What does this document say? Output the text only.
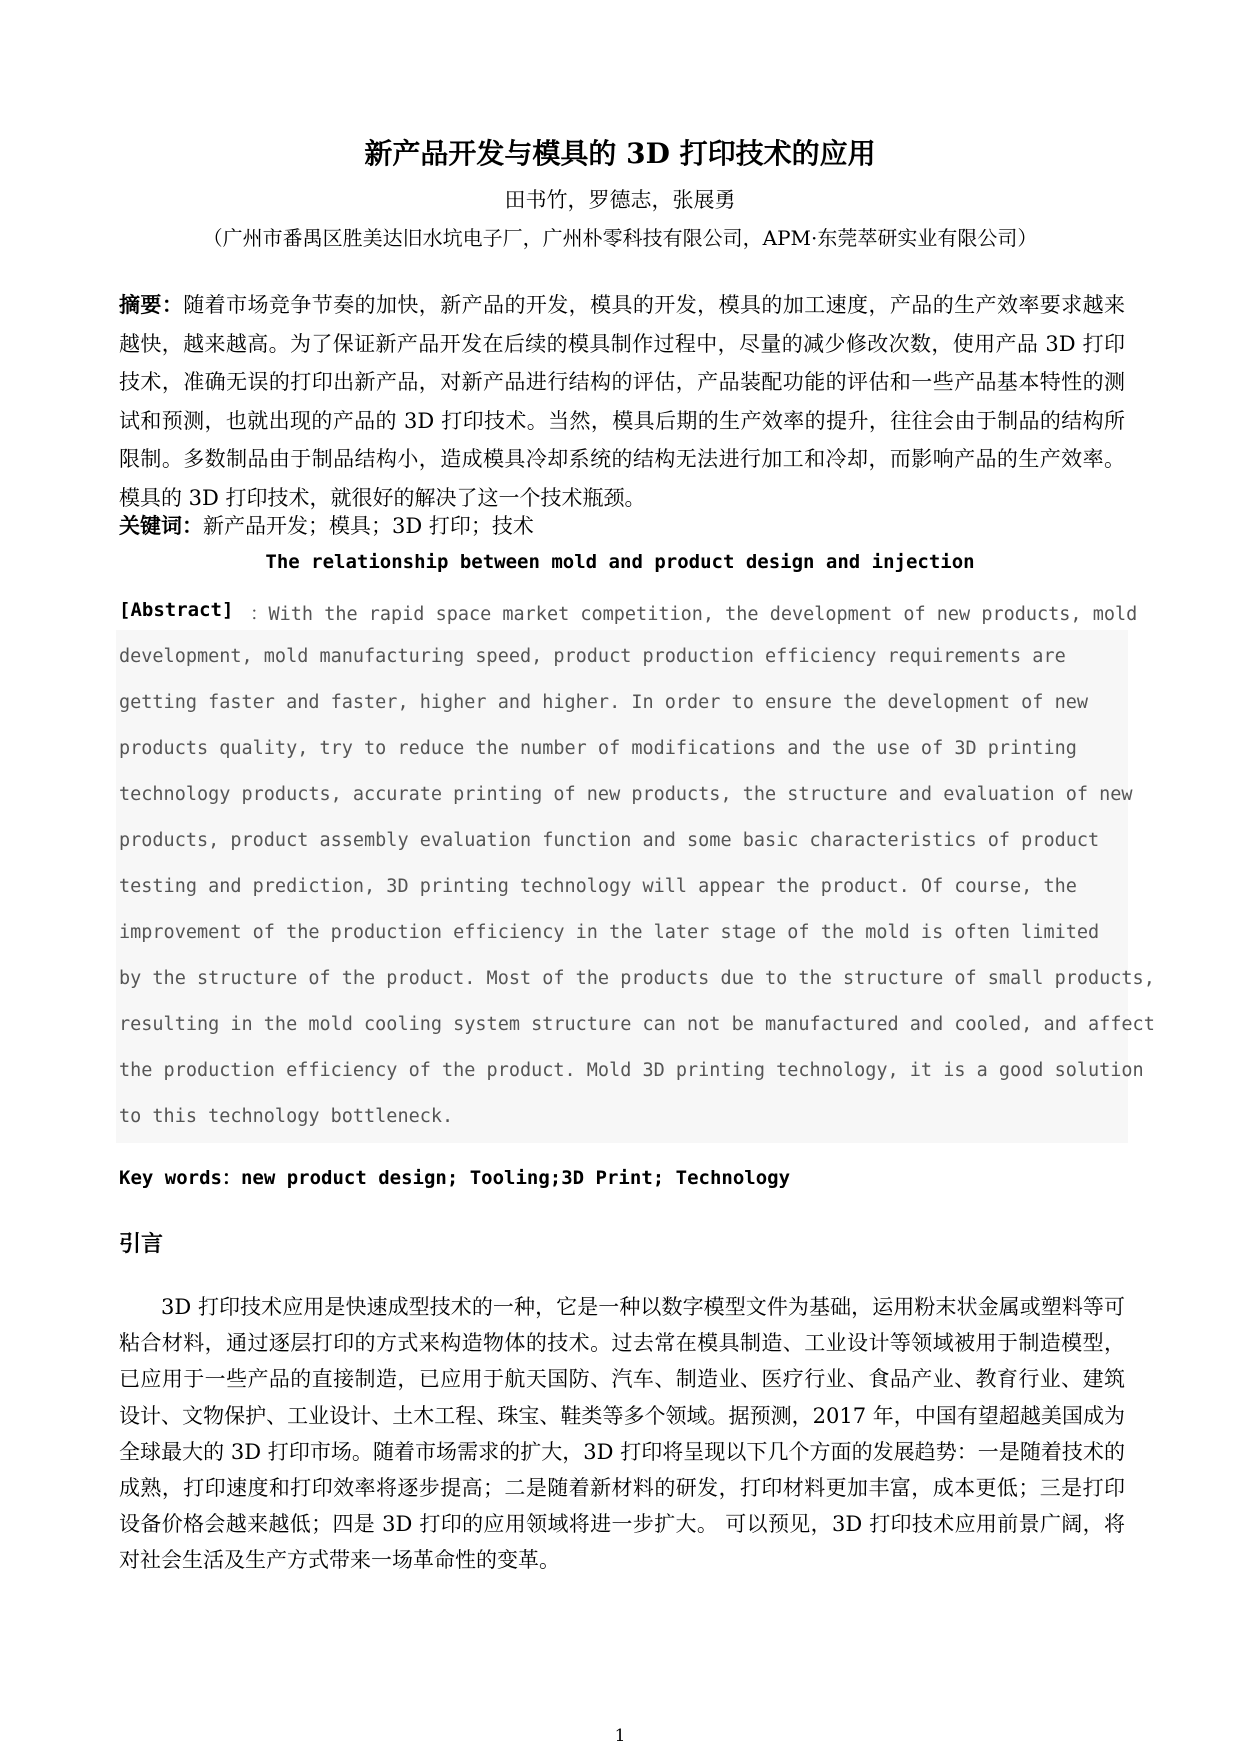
新产品开发与模具的 3D 打印技术的应用
田书竹，罗德志，张展勇
（广州市番禺区胜美达旧水坑电子厂，广州朴零科技有限公司，APM·东莞萃研实业有限公司）
摘要：随着市场竞争节奏的加快，新产品的开发，模具的开发，模具的加工速度，产品的生产效率要求越来越快，越来越高。为了保证新产品开发在后续的模具制作过程中，尽量的减少修改次数，使用产品 3D 打印技术，准确无误的打印出新产品，对新产品进行结构的评估，产品装配功能的评估和一些产品基本特性的测试和预测，也就出现的产品的 3D 打印技术。当然，模具后期的生产效率的提升，往往会由于制品的结构所限制。多数制品由于制品结构小，造成模具冷却系统的结构无法进行加工和冷却，而影响产品的生产效率。模具的 3D 打印技术，就很好的解决了这一个技术瓶颈。
关键词：新产品开发；模具；3D 打印；技术
The relationship between mold and product design and injection
[Abstract] ：With the rapid space market competition, the development of new products, mold
development, mold manufacturing speed, product production efficiency requirements are
getting faster and faster, higher and higher. In order to ensure the development of new
products quality, try to reduce the number of modifications and the use of 3D printing
technology products, accurate printing of new products, the structure and evaluation of new
products, product assembly evaluation function and some basic characteristics of product
testing and prediction, 3D printing technology will appear the product. Of course, the
improvement of the production efficiency in the later stage of the mold is often limited
by the structure of the product. Most of the products due to the structure of small products,
resulting in the mold cooling system structure can not be manufactured and cooled, and affect
the production efficiency of the product. Mold 3D printing technology, it is a good solution
to this technology bottleneck.
Key words：new product design; Tooling;3D Print; Technology
引言

3D 打印技术应用是快速成型技术的一种，它是一种以数字模型文件为基础，运用粉末状金属或塑料等可粘合材料，通过逐层打印的方式来构造物体的技术。过去常在模具制造、工业设计等领域被用于制造模型，已应用于一些产品的直接制造，已应用于航天国防、汽车、制造业、医疗行业、食品产业、教育行业、建筑设计、文物保护、工业设计、土木工程、珠宝、鞋类等多个领域。据预测，2017 年，中国有望超越美国成为全球最大的 3D 打印市场。随着市场需求的扩大，3D 打印将呈现以下几个方面的发展趋势：一是随着技术的成熟，打印速度和打印效率将逐步提高；二是随着新材料的研发，打印材料更加丰富，成本更低；三是打印设备价格会越来越低；四是 3D 打印的应用领域将进一步扩大。 可以预见，3D 打印技术应用前景广阔，将对社会生活及生产方式带来一场革命性的变革。

1
